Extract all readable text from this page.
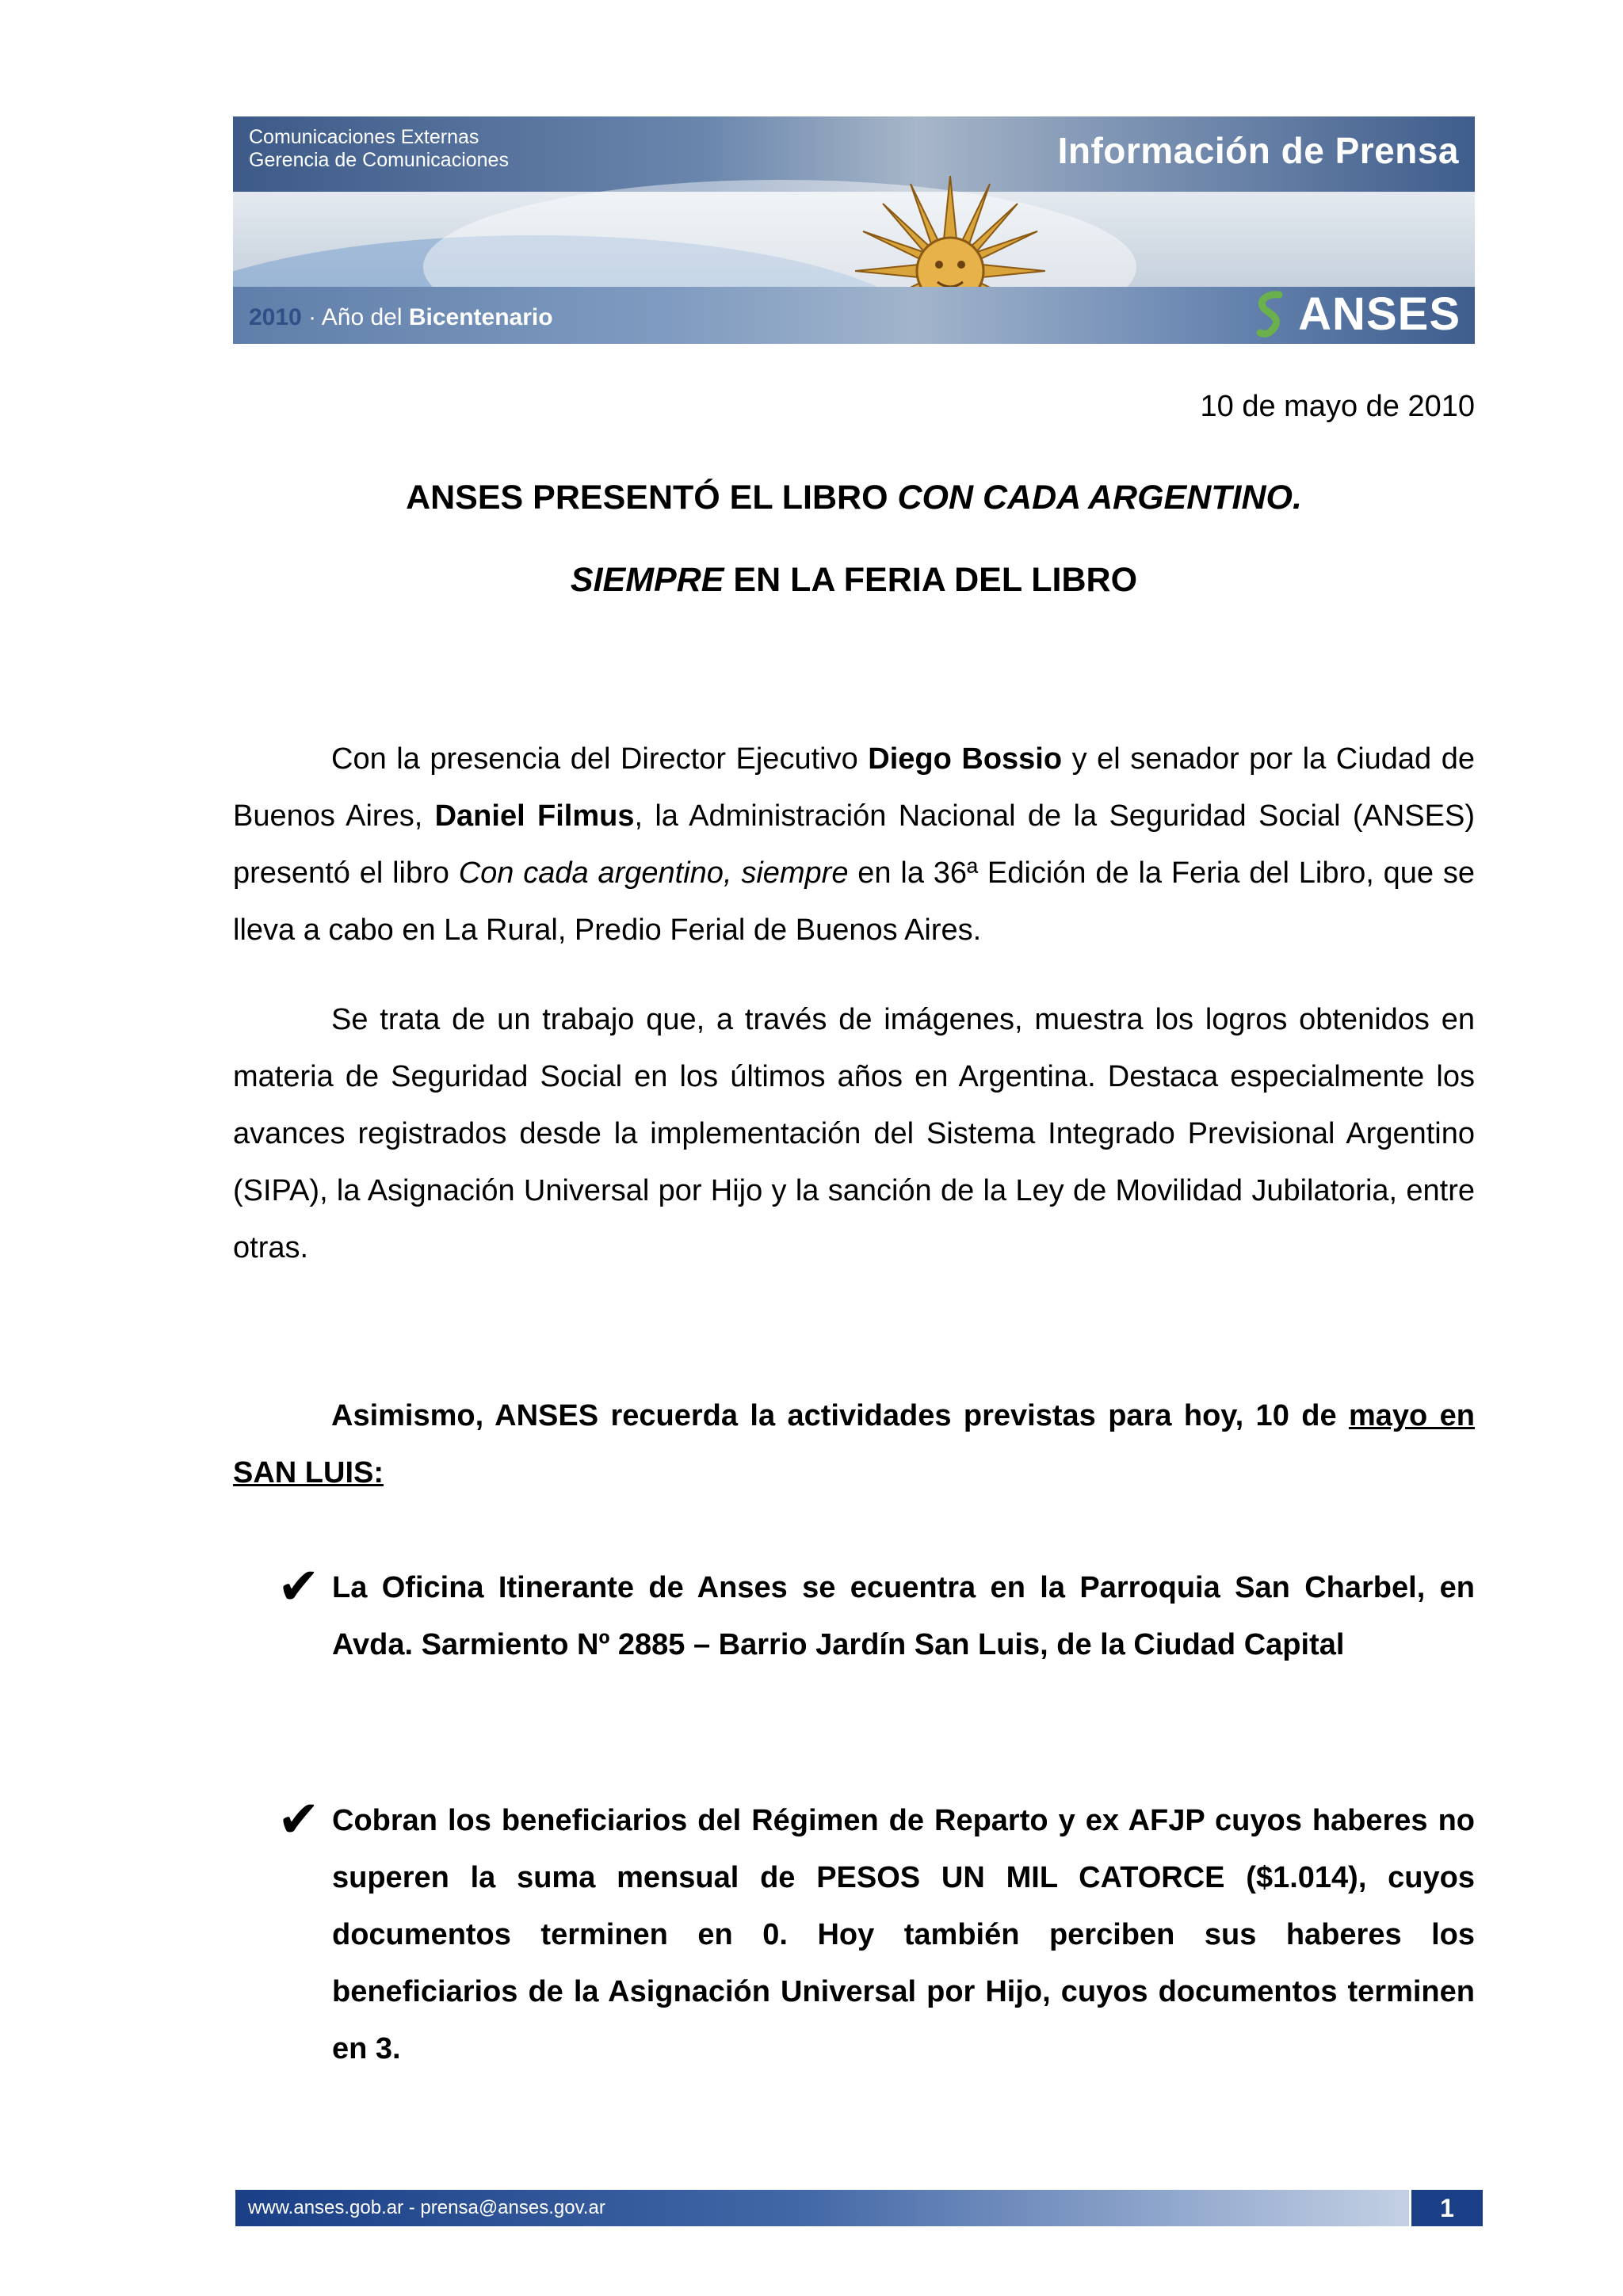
Comunicaciones Externas
Gerencia de Comunicaciones	Información de Prensa
2010 · Año del Bicentenario	ANSES
10 de mayo de 2010
ANSES PRESENTÓ EL LIBRO CON CADA ARGENTINO.
SIEMPRE EN LA FERIA DEL LIBRO

Con la presencia del Director Ejecutivo Diego Bossio y el senador por la Ciudad de Buenos Aires, Daniel Filmus, la Administración Nacional de la Seguridad Social (ANSES) presentó el libro Con cada argentino, siempre en la 36ª Edición de la Feria del Libro, que se lleva a cabo en La Rural, Predio Ferial de Buenos Aires.

Se trata de un trabajo que, a través de imágenes, muestra los logros obtenidos en materia de Seguridad Social en los últimos años en Argentina. Destaca especialmente los avances registrados desde la implementación del Sistema Integrado Previsional Argentino (SIPA), la Asignación Universal por Hijo y la sanción de la Ley de Movilidad Jubilatoria, entre otras.

Asimismo, ANSES recuerda la actividades previstas para hoy, 10 de mayo en SAN LUIS:

✔ La Oficina Itinerante de Anses se ecuentra en la Parroquia San Charbel, en Avda. Sarmiento Nº 2885 – Barrio Jardín San Luis, de la Ciudad Capital

✔ Cobran los beneficiarios del Régimen de Reparto y ex AFJP cuyos haberes no superen la suma mensual de PESOS UN MIL CATORCE ($1.014), cuyos documentos terminen en 0. Hoy también perciben sus haberes los beneficiarios de la Asignación Universal por Hijo, cuyos documentos terminen en 3.

www.anses.gob.ar - prensa@anses.gov.ar	1
